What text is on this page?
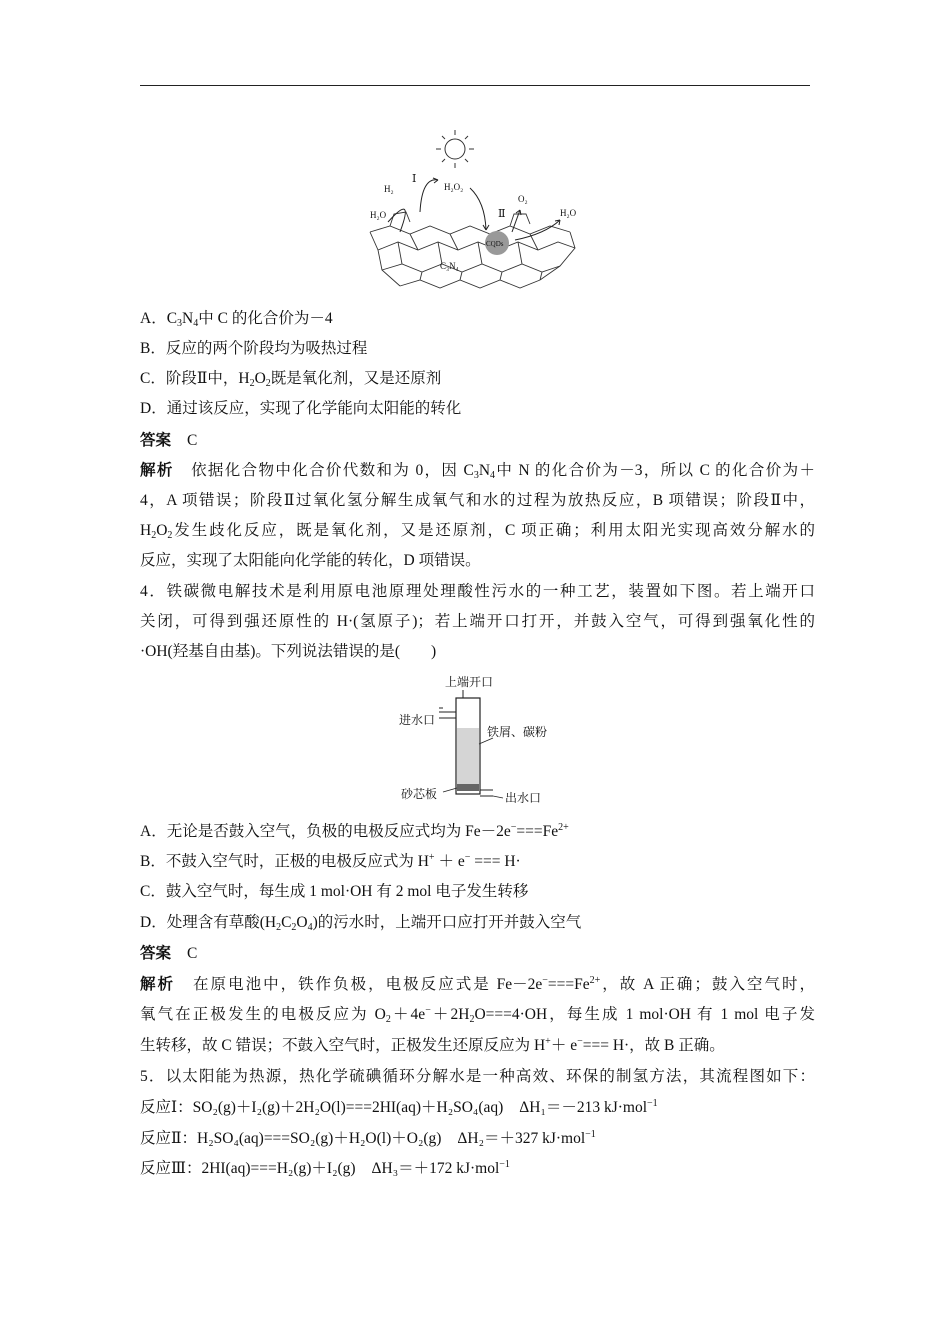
CQDs
C₃N₄
Ⅰ
Ⅱ
H₂	H₂O₂
O₂
H₂O	H₂O
A．$C_3N_4$中 C 的化合价为－4
B．反应的两个阶段均为吸热过程
C．阶段Ⅱ中，$H_2O_2$既是氧化剂，又是还原剂
D．通过该反应，实现了化学能向太阳能的转化
答案 C
解析 依据化合物中化合价代数和为 0，因 $C_3N_4$中 N 的化合价为－3，所以 C 的化合价为＋
4，A 项错误；阶段Ⅱ过氧化氢分解生成氧气和水的过程为放热反应，B 项错误；阶段Ⅱ中，
$H_2O_2$发生歧化反应，既是氧化剂，又是还原剂，C 项正确；利用太阳光实现高效分解水的
反应，实现了太阳能向化学能的转化，D 项错误。
4．铁碳微电解技术是利用原电池原理处理酸性污水的一种工艺，装置如下图。若上端开口
关闭，可得到强还原性的 H·(氢原子)；若上端开口打开，并鼓入空气，可得到强氧化性的
·OH(羟基自由基)。下列说法错误的是(　　)
上端开口
进水口
铁屑、碳粉
砂芯板	出水口
A．无论是否鼓入空气，负极的电极反应式均为 $Fe-2e^-===Fe^{2+}$
B．不鼓入空气时，正极的电极反应式为 H+ ＋ e− === H·
C．鼓入空气时，每生成 1 mol·OH 有 2 mol 电子发生转移
D．处理含有草酸$(H_2C_2O_4)$的污水时，上端开口应打开并鼓入空气
答案 C
解析 在原电池中，铁作负极，电极反应式是 $Fe-2e^-===Fe^{2+}$，故 A 正确；鼓入空气时，
氧气在正极发生的电极反应为 $O_2+4e^-+2H_2O===4\cdot OH$，每生成 1 mol·OH 有 1 mol 电子发
生转移，故 C 错误；不鼓入空气时，正极发生还原反应为 H+＋ e−=== H·，故 B 正确。
5．以太阳能为热源，热化学硫碘循环分解水是一种高效、环保的制氢方法，其流程图如下：
反应Ⅰ：SO₂(g)＋I₂(g)＋2H₂O(l)===2HI(aq)＋H₂SO₄(aq) ΔH₁＝－213 kJ·mol$^{-1}$
反应Ⅱ：H₂SO₄(aq)===SO₂(g)＋H₂O(l)＋O₂(g) ΔH₂＝＋327 kJ·mol$^{-1}$
反应Ⅲ：2HI(aq)===H₂(g)＋I₂(g) ΔH₃＝＋172 kJ·mol$^{-1}$
